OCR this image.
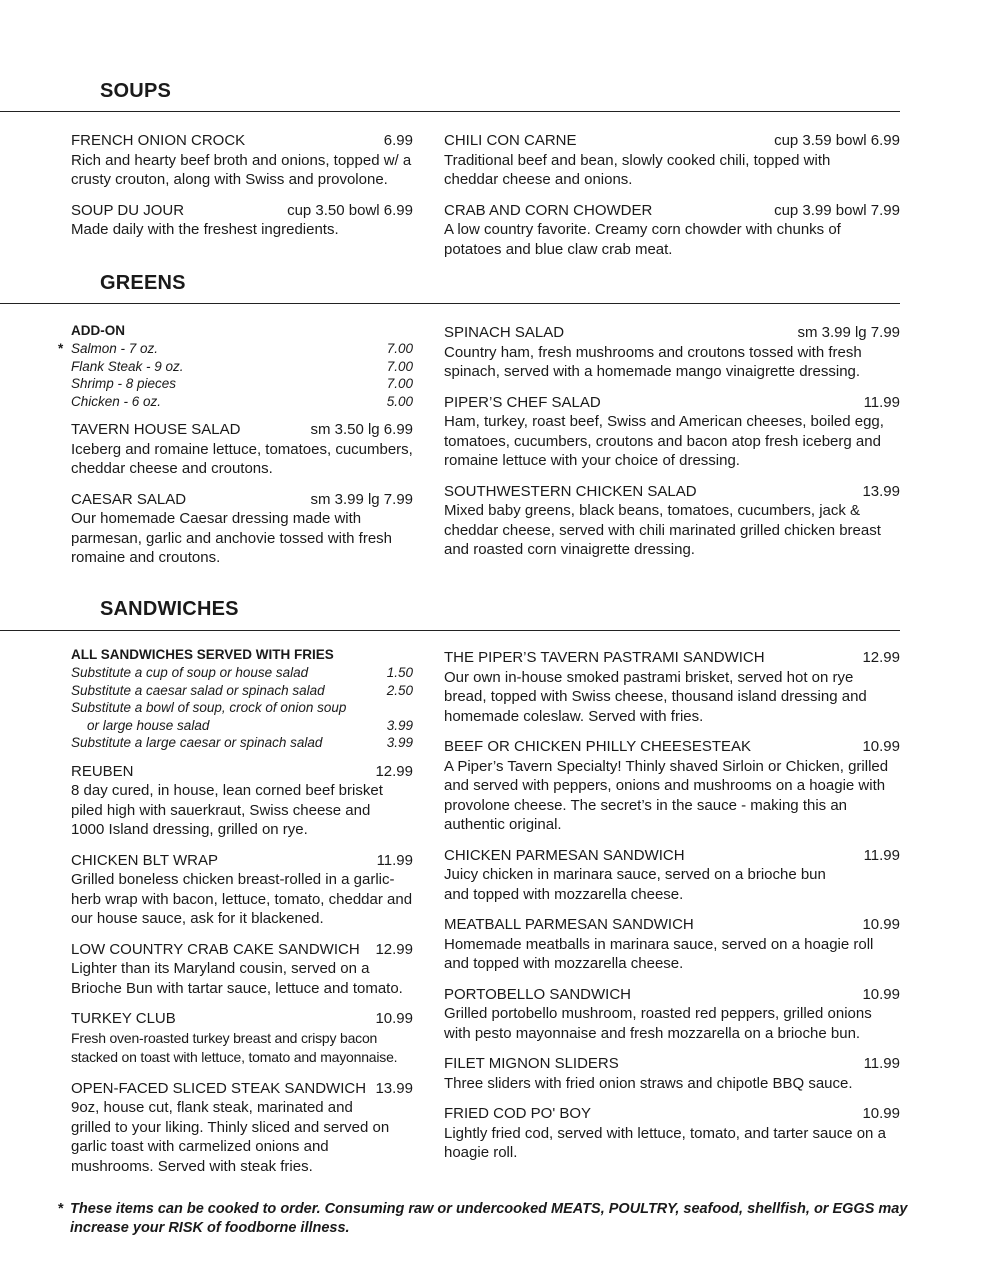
SOUPS
FRENCH ONION CROCK	6.99
Rich and hearty beef broth and onions, topped w/ a crusty crouton, along with Swiss and provolone.
SOUP DU JOUR	cup 3.50 bowl 6.99
Made daily with the freshest ingredients.
CHILI CON CARNE	cup 3.59 bowl 6.99
Traditional beef and bean, slowly cooked chili, topped with cheddar cheese and onions.
CRAB AND CORN CHOWDER	cup 3.99 bowl 7.99
A low country favorite. Creamy corn chowder with chunks of potatoes and blue claw crab meat.
GREENS
ADD-ON
* Salmon - 7 oz.	7.00
Flank Steak - 9 oz.	7.00
Shrimp - 8 pieces	7.00
Chicken - 6 oz.	5.00
TAVERN HOUSE SALAD	sm 3.50 lg 6.99
Iceberg and romaine lettuce, tomatoes, cucumbers, cheddar cheese and croutons.
CAESAR SALAD	sm 3.99 lg 7.99
Our homemade Caesar dressing made with parmesan, garlic and anchovie tossed with fresh romaine and croutons.
SPINACH SALAD	sm 3.99 lg 7.99
Country ham, fresh mushrooms and croutons tossed with fresh spinach, served with a homemade mango vinaigrette dressing.
PIPER’S CHEF SALAD	11.99
Ham, turkey, roast beef, Swiss and American cheeses, boiled egg, tomatoes, cucumbers, croutons and bacon atop fresh iceberg and romaine lettuce with your choice of dressing.
SOUTHWESTERN CHICKEN SALAD	13.99
Mixed baby greens, black beans, tomatoes, cucumbers, jack & cheddar cheese, served with chili marinated grilled chicken breast and roasted corn vinaigrette dressing.
SANDWICHES
ALL SANDWICHES SERVED WITH FRIES
Substitute a cup of soup or house salad	1.50
Substitute a caesar salad or spinach salad	2.50
Substitute a bowl of soup, crock of onion soup
or large house salad	3.99
Substitute a large caesar or spinach salad	3.99
REUBEN	12.99
8 day cured, in house, lean corned beef brisket piled high with sauerkraut, Swiss cheese and 1000 Island dressing, grilled on rye.
CHICKEN BLT WRAP	11.99
Grilled boneless chicken breast-rolled in a garlic-herb wrap with bacon, lettuce, tomato, cheddar and our house sauce, ask for it blackened.
LOW COUNTRY CRAB CAKE SANDWICH 12.99
Lighter than its Maryland cousin, served on a Brioche Bun with tartar sauce, lettuce and tomato.
TURKEY CLUB	10.99
Fresh oven-roasted turkey breast and crispy bacon stacked on toast with lettuce, tomato and mayonnaise.
OPEN-FACED SLICED STEAK SANDWICH 13.99
9oz, house cut, flank steak, marinated and grilled to your liking. Thinly sliced and served on garlic toast with carmelized onions and mushrooms. Served with steak fries.
THE PIPER’S TAVERN PASTRAMI SANDWICH	12.99
Our own in-house smoked pastrami brisket, served hot on rye bread, topped with Swiss cheese, thousand island dressing and homemade coleslaw. Served with fries.
BEEF OR CHICKEN PHILLY CHEESESTEAK	10.99
A Piper’s Tavern Specialty! Thinly shaved Sirloin or Chicken, grilled and served with peppers, onions and mushrooms on a hoagie with provolone cheese. The secret’s in the sauce - making this an authentic original.
CHICKEN PARMESAN SANDWICH	11.99
Juicy chicken in marinara sauce, served on a brioche bun and topped with mozzarella cheese.
MEATBALL PARMESAN SANDWICH	10.99
Homemade meatballs in marinara sauce, served on a hoagie roll and topped with mozzarella cheese.
PORTOBELLO SANDWICH	10.99
Grilled portobello mushroom, roasted red peppers, grilled onions with pesto mayonnaise and fresh mozzarella on a brioche bun.
FILET MIGNON SLIDERS	11.99
Three sliders with fried onion straws and chipotle BBQ sauce.
FRIED COD PO' BOY	10.99
Lightly fried cod, served with lettuce, tomato, and tarter sauce on a hoagie roll.
* These items can be cooked to order. Consuming raw or undercooked MEATS, POULTRY, seafood, shellfish, or EGGS may increase your RISK of foodborne illness.
